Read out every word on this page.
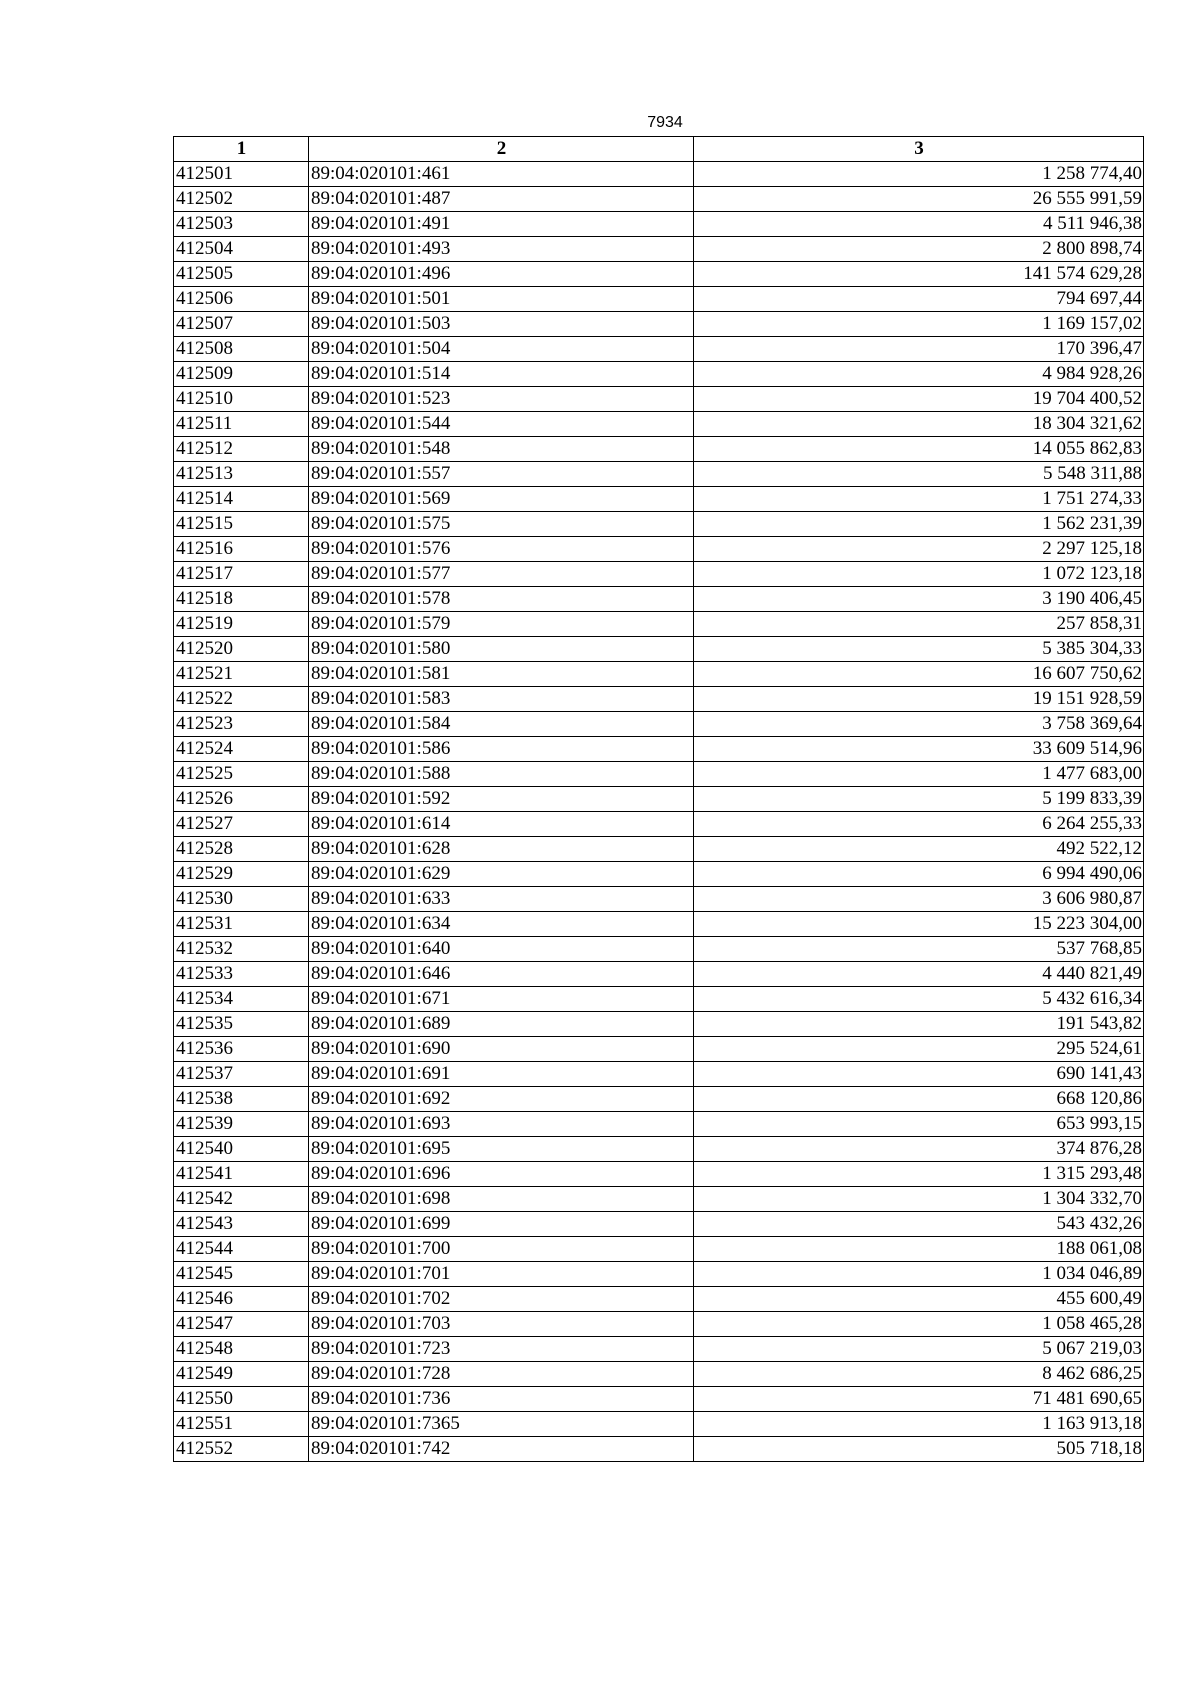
7934
1	2	3
412501	89:04:020101:461	1 258 774,40
412502	89:04:020101:487	26 555 991,59
412503	89:04:020101:491	4 511 946,38
412504	89:04:020101:493	2 800 898,74
412505	89:04:020101:496	141 574 629,28
412506	89:04:020101:501	794 697,44
412507	89:04:020101:503	1 169 157,02
412508	89:04:020101:504	170 396,47
412509	89:04:020101:514	4 984 928,26
412510	89:04:020101:523	19 704 400,52
412511	89:04:020101:544	18 304 321,62
412512	89:04:020101:548	14 055 862,83
412513	89:04:020101:557	5 548 311,88
412514	89:04:020101:569	1 751 274,33
412515	89:04:020101:575	1 562 231,39
412516	89:04:020101:576	2 297 125,18
412517	89:04:020101:577	1 072 123,18
412518	89:04:020101:578	3 190 406,45
412519	89:04:020101:579	257 858,31
412520	89:04:020101:580	5 385 304,33
412521	89:04:020101:581	16 607 750,62
412522	89:04:020101:583	19 151 928,59
412523	89:04:020101:584	3 758 369,64
412524	89:04:020101:586	33 609 514,96
412525	89:04:020101:588	1 477 683,00
412526	89:04:020101:592	5 199 833,39
412527	89:04:020101:614	6 264 255,33
412528	89:04:020101:628	492 522,12
412529	89:04:020101:629	6 994 490,06
412530	89:04:020101:633	3 606 980,87
412531	89:04:020101:634	15 223 304,00
412532	89:04:020101:640	537 768,85
412533	89:04:020101:646	4 440 821,49
412534	89:04:020101:671	5 432 616,34
412535	89:04:020101:689	191 543,82
412536	89:04:020101:690	295 524,61
412537	89:04:020101:691	690 141,43
412538	89:04:020101:692	668 120,86
412539	89:04:020101:693	653 993,15
412540	89:04:020101:695	374 876,28
412541	89:04:020101:696	1 315 293,48
412542	89:04:020101:698	1 304 332,70
412543	89:04:020101:699	543 432,26
412544	89:04:020101:700	188 061,08
412545	89:04:020101:701	1 034 046,89
412546	89:04:020101:702	455 600,49
412547	89:04:020101:703	1 058 465,28
412548	89:04:020101:723	5 067 219,03
412549	89:04:020101:728	8 462 686,25
412550	89:04:020101:736	71 481 690,65
412551	89:04:020101:7365	1 163 913,18
412552	89:04:020101:742	505 718,18
